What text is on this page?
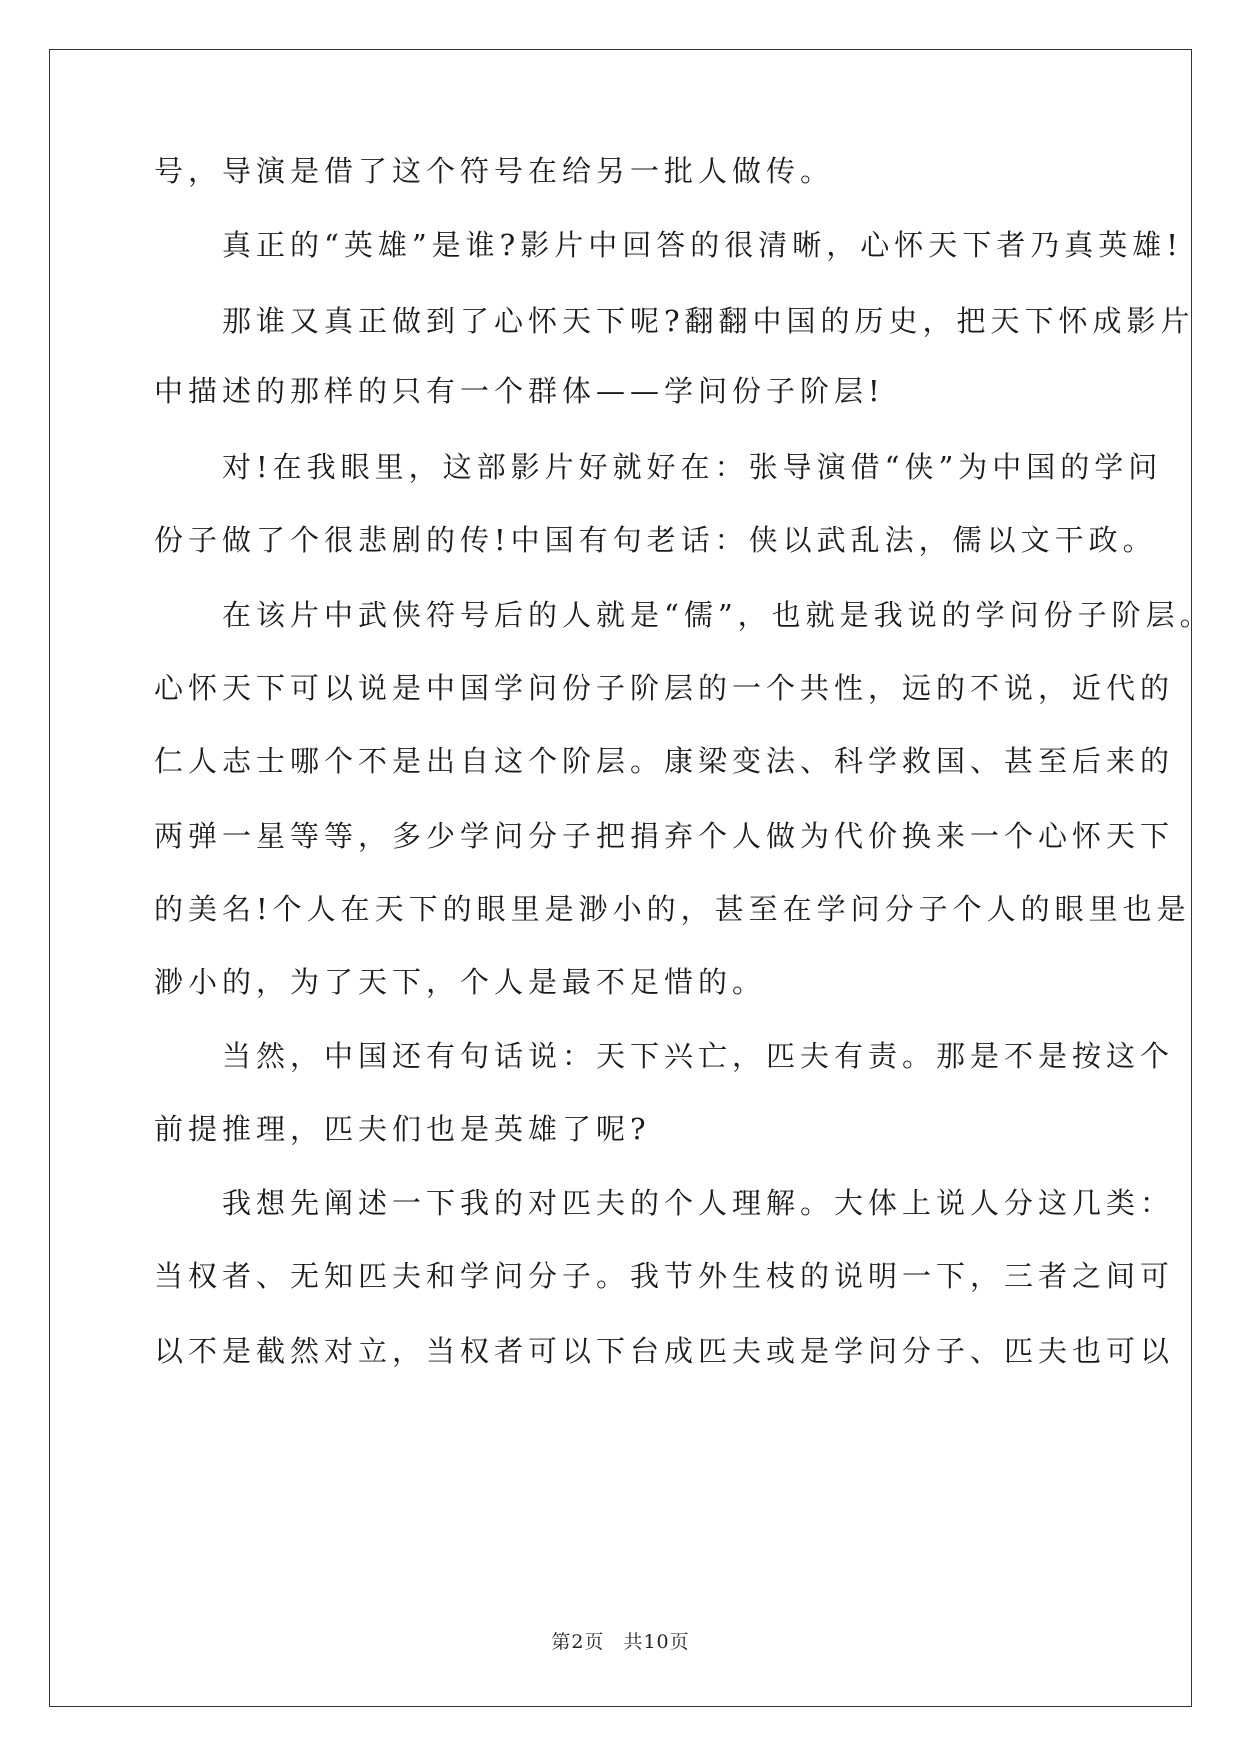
号，导演是借了这个符号在给另一批人做传。
　　真正的“英雄”是谁?影片中回答的很清晰，心怀天下者乃真英雄!
　　那谁又真正做到了心怀天下呢?翻翻中国的历史，把天下怀成影片
中描述的那样的只有一个群体——学问份子阶层!
　　对!在我眼里，这部影片好就好在：张导演借“侠”为中国的学问
份子做了个很悲剧的传!中国有句老话：侠以武乱法，儒以文干政。
　　在该片中武侠符号后的人就是“儒”，也就是我说的学问份子阶层。
心怀天下可以说是中国学问份子阶层的一个共性，远的不说，近代的
仁人志士哪个不是出自这个阶层。康梁变法、科学救国、甚至后来的
两弹一星等等，多少学问分子把捐弃个人做为代价换来一个心怀天下
的美名!个人在天下的眼里是渺小的，甚至在学问分子个人的眼里也是
渺小的，为了天下，个人是最不足惜的。
　　当然，中国还有句话说：天下兴亡，匹夫有责。那是不是按这个
前提推理，匹夫们也是英雄了呢?
　　我想先阐述一下我的对匹夫的个人理解。大体上说人分这几类：
当权者、无知匹夫和学问分子。我节外生枝的说明一下，三者之间可
以不是截然对立，当权者可以下台成匹夫或是学问分子、匹夫也可以
第2页 共10页
